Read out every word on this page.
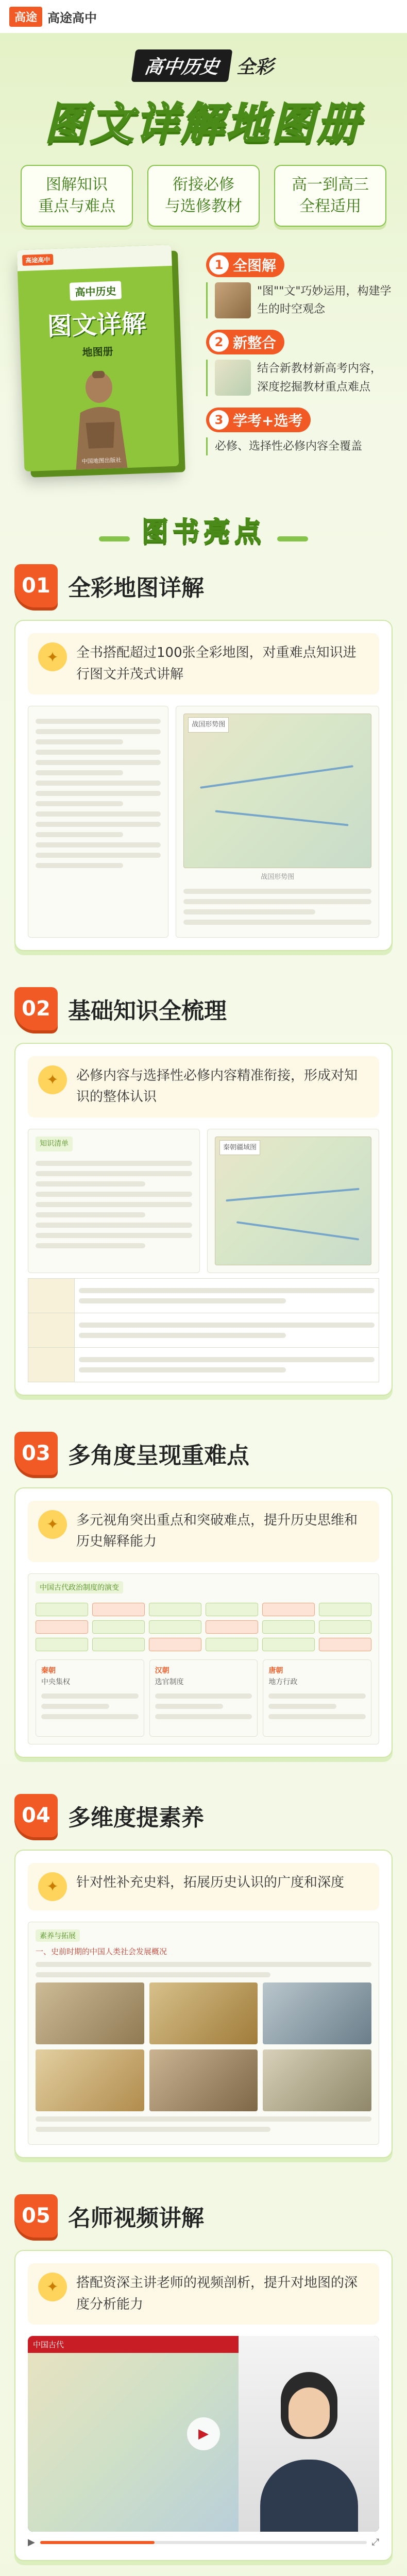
高途 高途高中
高中历史 全彩
图文详解地图册
图解知识
重点与难点
衔接必修
与选修教材
高一到高三
全程适用
高途高中
高中历史
图文详解
地图册
中国地图出版社
1 全图解
"图""文"巧妙运用，构建学生的时空观念
2 新整合
结合新教材新高考内容，深度挖掘教材重点难点
3 学考+选考
必修、选择性必修内容全覆盖
图书亮点
01 全彩地图详解
✦	全书搭配超过100张全彩地图，对重难点知识进行图文并茂式讲解
战国形势图
战国形势图
02 基础知识全梳理
✦	必修内容与选择性必修内容精准衔接，形成对知识的整体认识
知识清单	秦朝疆域图

03 多角度呈现重难点
✦	多元视角突出重点和突破难点，提升历史思维和历史解释能力
中国古代政治制度的演变
秦朝
中央集权
汉朝
选官制度
唐朝
地方行政
04 多维度提素养
✦	针对性补充史料，拓展历史认识的广度和深度
素养与拓展
一、史前时期的中国人类社会发展概况
05 名师视频讲解
✦	搭配资深主讲老师的视频剖析，提升对地图的深度分析能力
中国古代
▶
▶	⤢
